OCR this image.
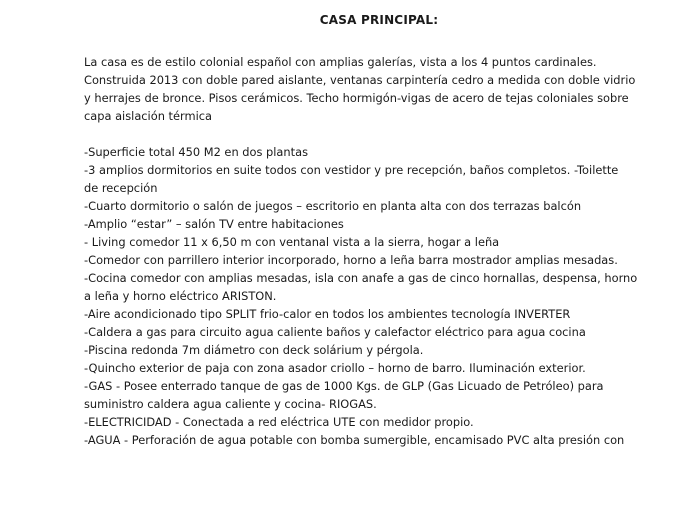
CASA PRINCIPAL:
La casa es de estilo colonial español con amplias galerías, vista a los 4 puntos cardinales.
Construida 2013 con doble pared aislante, ventanas carpintería cedro a medida con doble vidrio
y herrajes de bronce. Pisos cerámicos. Techo hormigón-vigas de acero de tejas coloniales sobre
capa aislación térmica

-Superficie total 450 M2 en dos plantas

-3 amplios dormitorios en suite todos con vestidor y pre recepción, baños completos. -Toilette

de recepción

-Cuarto dormitorio o salón de juegos – escritorio en planta alta con dos terrazas balcón

-Amplio “estar” – salón TV entre habitaciones

- Living comedor 11 x 6,50 m con ventanal vista a la sierra, hogar a leña

-Comedor con parrillero interior incorporado, horno a leña barra mostrador amplias mesadas.

-Cocina comedor con amplias mesadas, isla con anafe a gas de cinco hornallas, despensa, horno

a leña y horno eléctrico ARISTON.

-Aire acondicionado tipo SPLIT frio-calor en todos los ambientes tecnología INVERTER

-Caldera a gas para circuito agua caliente baños y calefactor eléctrico para agua cocina

-Piscina redonda 7m diámetro con deck solárium y pérgola.

-Quincho exterior de paja con zona asador criollo – horno de barro. Iluminación exterior.

-GAS - Posee enterrado tanque de gas de 1000 Kgs. de GLP (Gas Licuado de Petróleo) para

suministro caldera agua caliente y cocina- RIOGAS.

-ELECTRICIDAD - Conectada a red eléctrica UTE con medidor propio.

-AGUA - Perforación de agua potable con bomba sumergible, encamisado PVC alta presión con
